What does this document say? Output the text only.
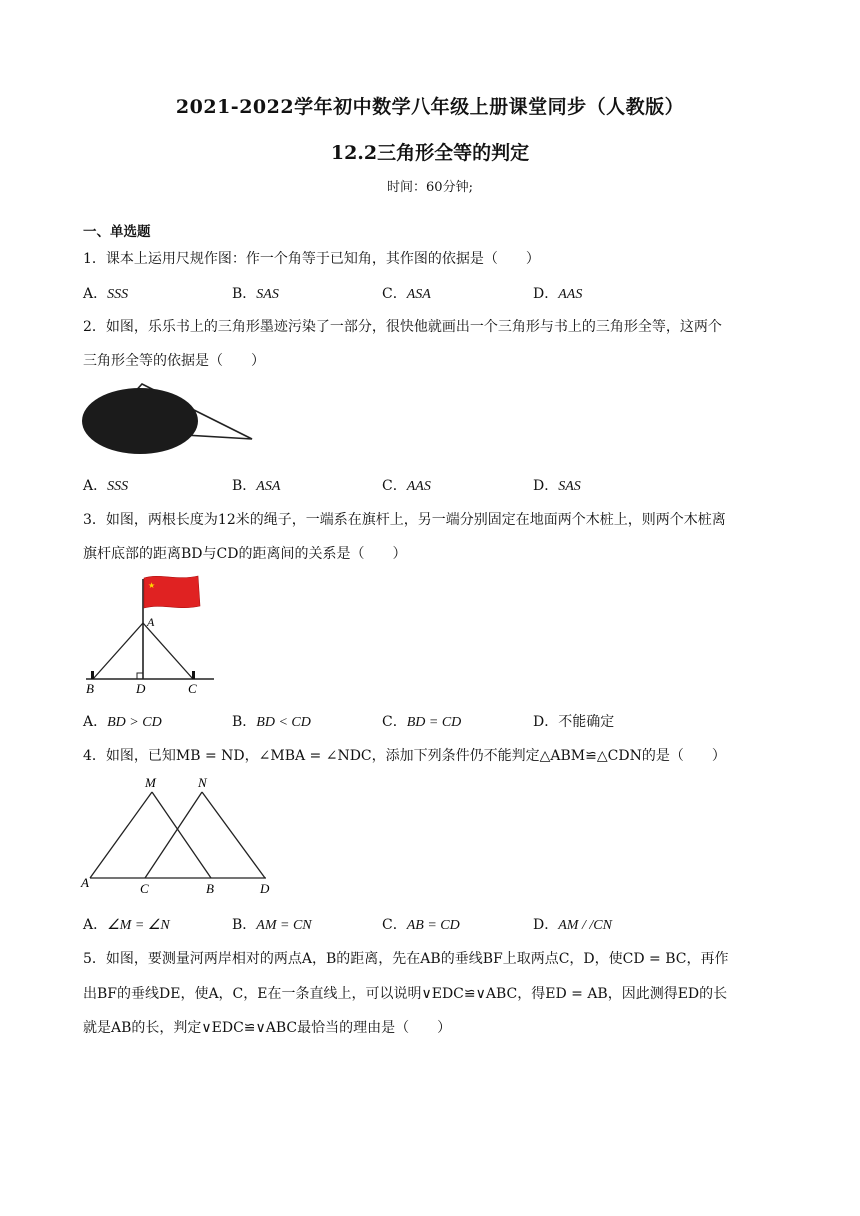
2021-2022学年初中数学八年级上册课堂同步（人教版）
12.2三角形全等的判定
时间：60分钟;
一、单选题
1．课本上运用尺规作图：作一个角等于已知角，其作图的依据是（　　）
A．SSS	B．SAS	C．ASA	D．AAS
2．如图，乐乐书上的三角形墨迹污染了一部分，很快他就画出一个三角形与书上的三角形全等，这两个
三角形全等的依据是（　　）
A．SSS	B．ASA	C．AAS	D．SAS
3．如图，两根长度为12米的绳子，一端系在旗杆上，另一端分别固定在地面两个木桩上，则两个木桩离
旗杆底部的距离BD与CD的距离间的关系是（　　）
★
A
B	D	C
A．BD > CD	B．BD < CD	C．BD = CD	D．不能确定
4．如图，已知MB = ND，∠MBA = ∠NDC，添加下列条件仍不能判定△ABM≌△CDN的是（　　）
M	N
A	C	B	D
A．∠M = ∠N	B．AM = CN	C．AB = CD	D．AM / /CN
5．如图，要测量河两岸相对的两点A，B的距离，先在AB的垂线BF上取两点C，D，使CD = BC，再作
出BF的垂线DE，使A，C，E在一条直线上，可以说明∨EDC≌∨ABC，得ED = AB，因此测得ED的长
就是AB的长，判定∨EDC≌∨ABC最恰当的理由是（　　）
